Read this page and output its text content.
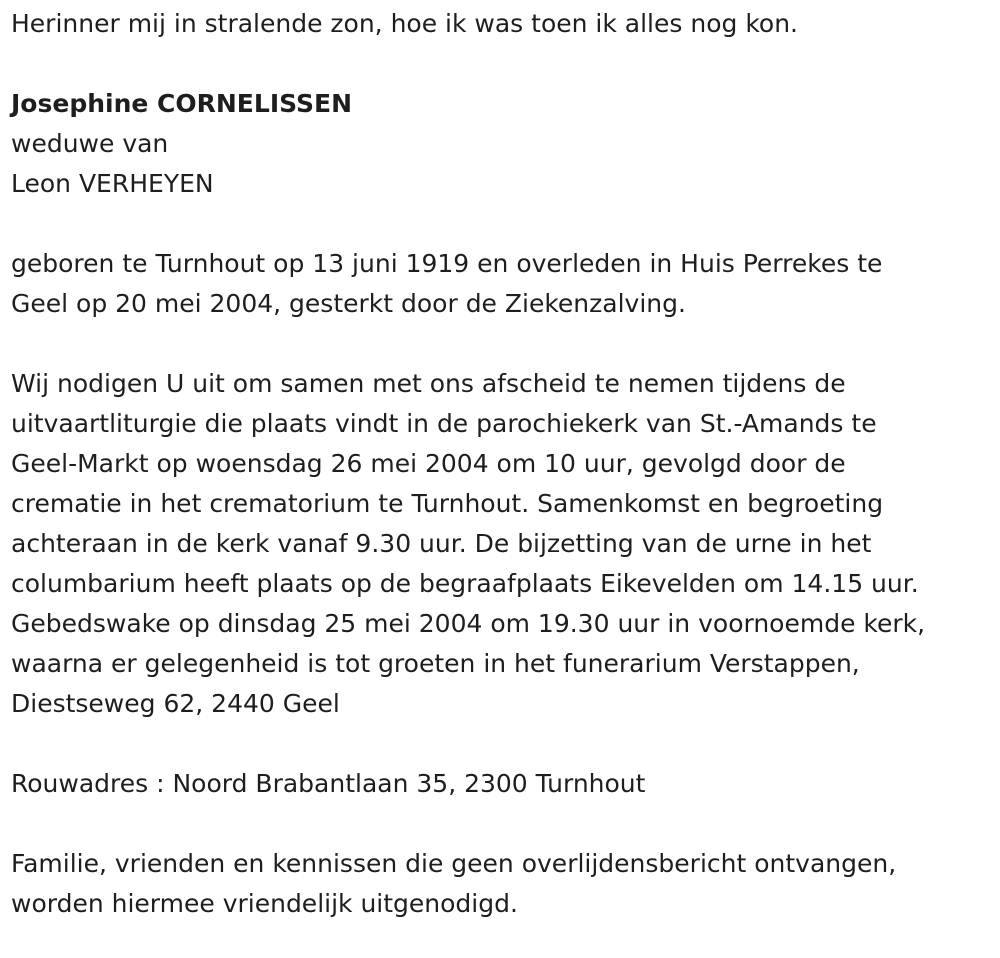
Herinner mij in stralende zon, hoe ik was toen ik alles nog kon.
Josephine CORNELISSEN
weduwe van
Leon VERHEYEN
geboren te Turnhout op 13 juni 1919 en overleden in Huis Perrekes te
Geel op 20 mei 2004, gesterkt door de Ziekenzalving.
Wij nodigen U uit om samen met ons afscheid te nemen tijdens de
uitvaartliturgie die plaats vindt in de parochiekerk van St.-Amands te
Geel-Markt op woensdag 26 mei 2004 om 10 uur, gevolgd door de
crematie in het crematorium te Turnhout. Samenkomst en begroeting
achteraan in de kerk vanaf 9.30 uur. De bijzetting van de urne in het
columbarium heeft plaats op de begraafplaats Eikevelden om 14.15 uur.
Gebedswake op dinsdag 25 mei 2004 om 19.30 uur in voornoemde kerk,
waarna er gelegenheid is tot groeten in het funerarium Verstappen,
Diestseweg 62, 2440 Geel
Rouwadres : Noord Brabantlaan 35, 2300 Turnhout
Familie, vrienden en kennissen die geen overlijdensbericht ontvangen,
worden hiermee vriendelijk uitgenodigd.
